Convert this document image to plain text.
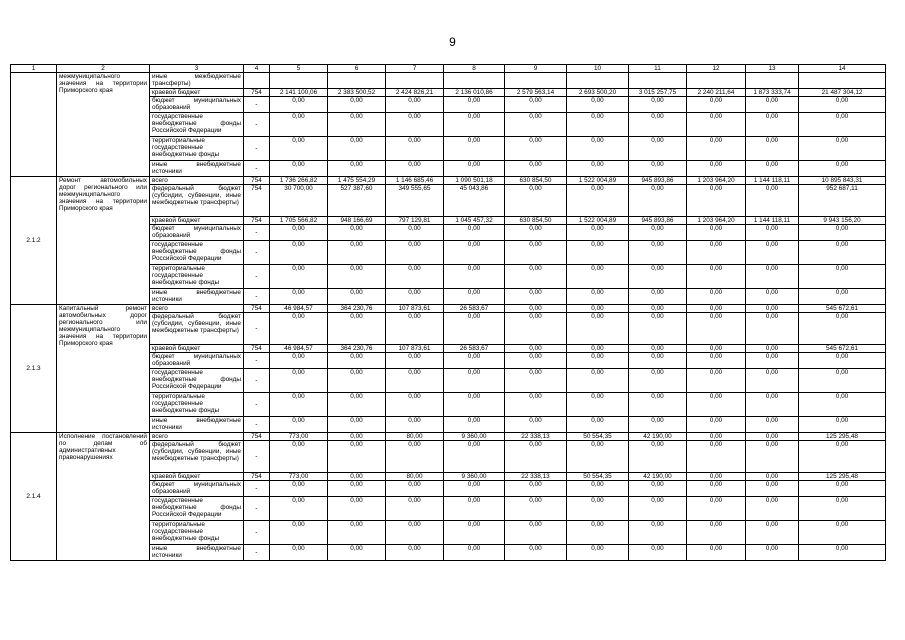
9
1	2	3	4	5	6	7	8	9	10	11	12	13	14
	межмуниципального значения на территории Приморского края	иные межбюджетные трансферты)											
		краевой бюджет	754	2 141 100,06	2 383 500,52	2 424 826,21	2 136 010,86	2 579 563,14	2 693 500,20	3 015 257,75	2 240 211,64	1 873 333,74	21 487 304,12
		бюджет муниципальных образований	-	0,00	0,00	0,00	0,00	0,00	0,00	0,00	0,00	0,00	0,00
		государственные внебюджетные фонды Российской Федерации	-	0,00	0,00	0,00	0,00	0,00	0,00	0,00	0,00	0,00	0,00
		территориальные государственные внебюджетные фонды	-	0,00	0,00	0,00	0,00	0,00	0,00	0,00	0,00	0,00	0,00
		иные внебюджетные источники	-	0,00	0,00	0,00	0,00	0,00	0,00	0,00	0,00	0,00	0,00
2.1.2	Ремонт автомобильных дорог регионального или межмуниципального значения на территории Приморского края	всего	754	1 736 266,82	1 475 554,29	1 146 685,46	1 090 501,18	630 854,50	1 522 004,89	945 893,86	1 203 964,20	1 144 118,11	10 895 843,31
		федеральный бюджет (субсидии, субвенции, иные межбюджетные трансферты)	754	30 700,00	527 387,60	349 555,65	45 043,86	0,00	0,00	0,00	0,00	0,00	952 687,11
		краевой бюджет	754	1 705 566,82	948 166,69	797 129,81	1 045 457,32	630 854,50	1 522 004,89	945 893,86	1 203 964,20	1 144 118,11	9 943 156,20
		бюджет муниципальных образований	-	0,00	0,00	0,00	0,00	0,00	0,00	0,00	0,00	0,00	0,00
		государственные внебюджетные фонды Российской Федерации	-	0,00	0,00	0,00	0,00	0,00	0,00	0,00	0,00	0,00	0,00
		территориальные государственные внебюджетные фонды	-	0,00	0,00	0,00	0,00	0,00	0,00	0,00	0,00	0,00	0,00
		иные внебюджетные источники	-	0,00	0,00	0,00	0,00	0,00	0,00	0,00	0,00	0,00	0,00
2.1.3	Капитальный ремонт автомобильных дорог регионального или межмуниципального значения на территории Приморского края	всего	754	46 984,57	364 230,76	107 873,61	26 583,67	0,00	0,00	0,00	0,00	0,00	545 672,61
		федеральный бюджет (субсидии, субвенции, иные межбюджетные трансферты)	-	0,00	0,00	0,00	0,00	0,00	0,00	0,00	0,00	0,00	0,00
		краевой бюджет	754	46 984,57	364 230,76	107 873,61	26 583,67	0,00	0,00	0,00	0,00	0,00	545 672,61
		бюджет муниципальных образований	-	0,00	0,00	0,00	0,00	0,00	0,00	0,00	0,00	0,00	0,00
		государственные внебюджетные фонды Российской Федерации	-	0,00	0,00	0,00	0,00	0,00	0,00	0,00	0,00	0,00	0,00
		территориальные государственные внебюджетные фонды	-	0,00	0,00	0,00	0,00	0,00	0,00	0,00	0,00	0,00	0,00
		иные внебюджетные источники	-	0,00	0,00	0,00	0,00	0,00	0,00	0,00	0,00	0,00	0,00
2.1.4	Исполнение постановлений по делам об административных правонарушениях	всего	754	773,00	0,00	80,00	9 360,00	22 338,13	50 554,35	42 190,00	0,00	0,00	125 295,48
		федеральный бюджет (субсидии, субвенции, иные межбюджетные трансферты)	-	0,00	0,00	0,00	0,00	0,00	0,00	0,00	0,00	0,00	0,00
		краевой бюджет	754	773,00	0,00	80,00	9 360,00	22 338,13	50 554,35	42 190,00	0,00	0,00	125 295,48
		бюджет муниципальных образований	-	0,00	0,00	0,00	0,00	0,00	0,00	0,00	0,00	0,00	0,00
		государственные внебюджетные фонды Российской Федерации	-	0,00	0,00	0,00	0,00	0,00	0,00	0,00	0,00	0,00	0,00
		территориальные государственные внебюджетные фонды	-	0,00	0,00	0,00	0,00	0,00	0,00	0,00	0,00	0,00	0,00
		иные внебюджетные источники	-	0,00	0,00	0,00	0,00	0,00	0,00	0,00	0,00	0,00	0,00
